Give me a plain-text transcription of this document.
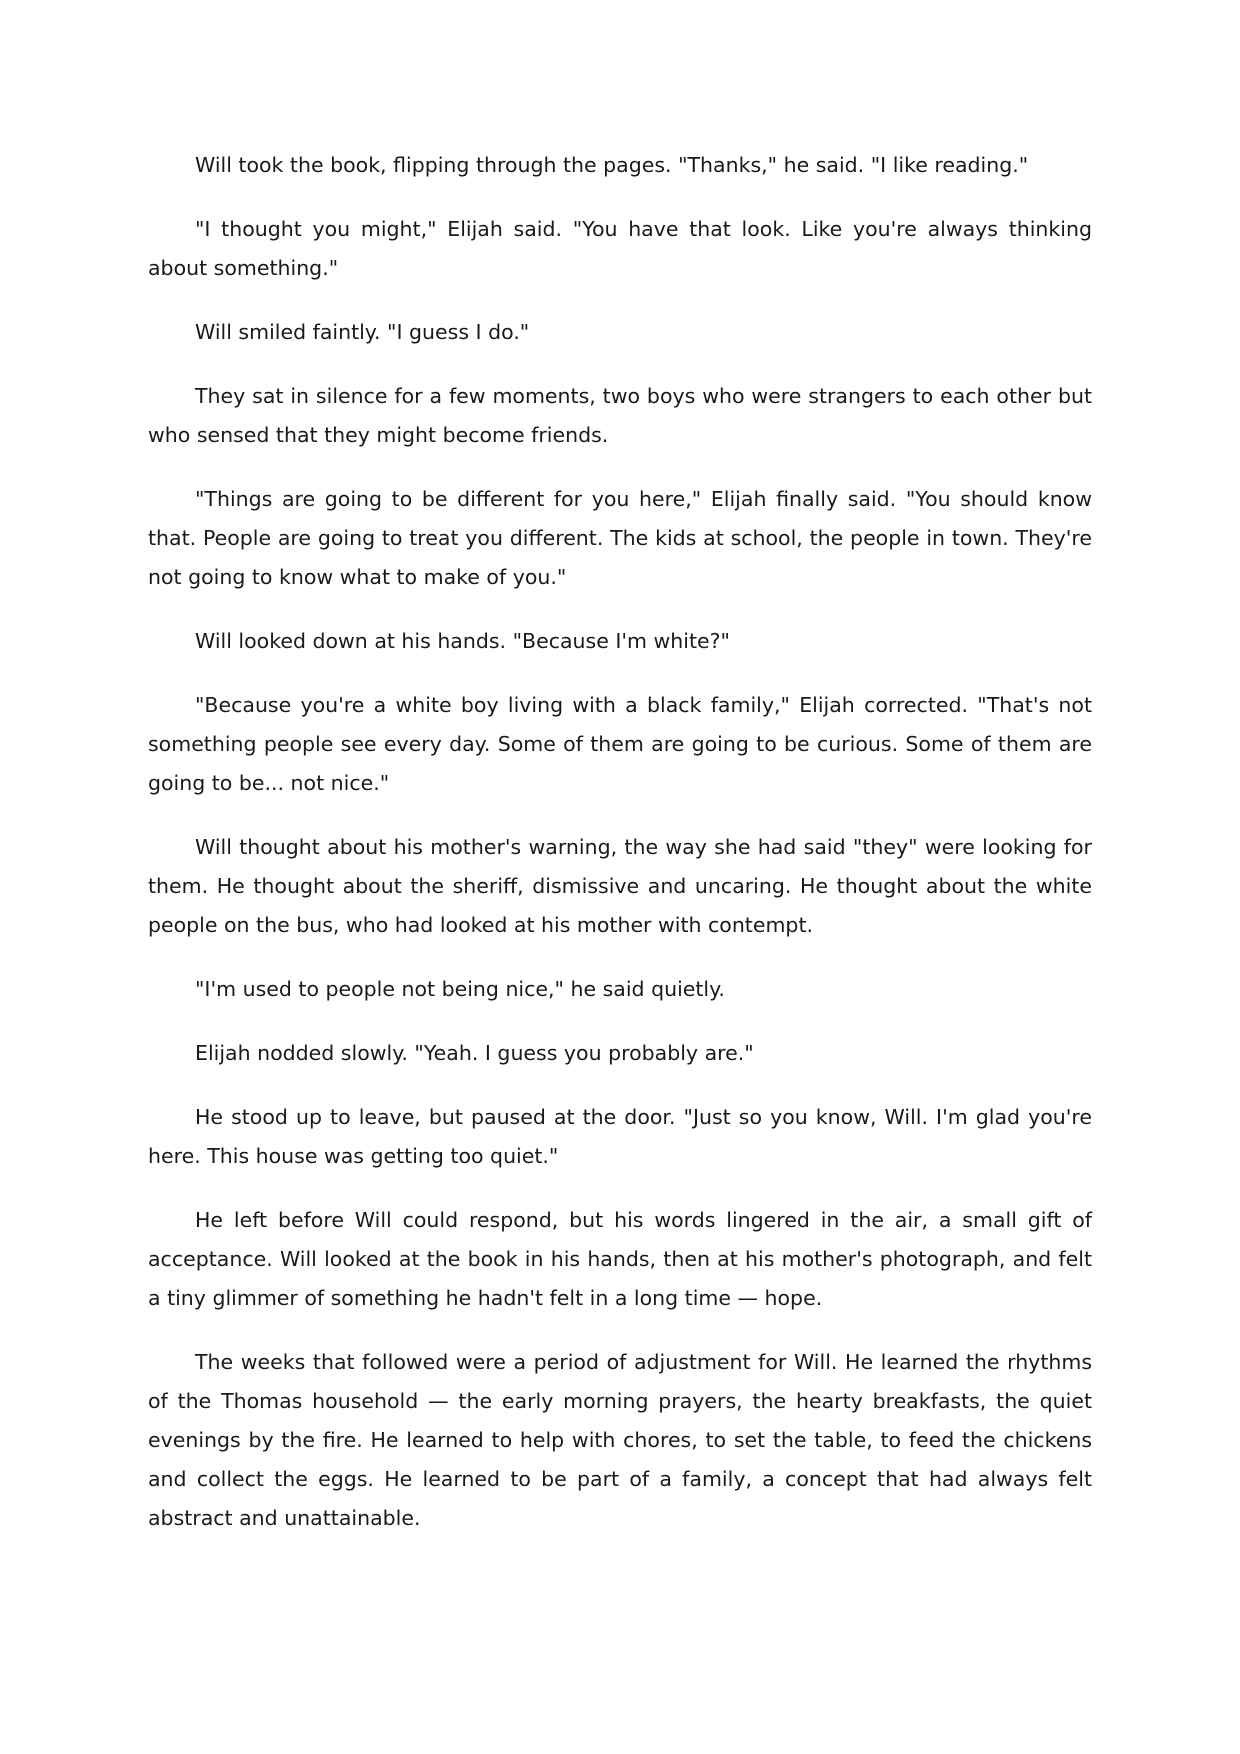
Will took the book, flipping through the pages. "Thanks," he said. "I like reading."

"I thought you might," Elijah said. "You have that look. Like you're always thinking about something."

Will smiled faintly. "I guess I do."

They sat in silence for a few moments, two boys who were strangers to each other but who sensed that they might become friends.

"Things are going to be different for you here," Elijah finally said. "You should know that. People are going to treat you different. The kids at school, the people in town. They're not going to know what to make of you."

Will looked down at his hands. "Because I'm white?"

"Because you're a white boy living with a black family," Elijah corrected. "That's not something people see every day. Some of them are going to be curious. Some of them are going to be... not nice."

Will thought about his mother's warning, the way she had said "they" were looking for them. He thought about the sheriff, dismissive and uncaring. He thought about the white people on the bus, who had looked at his mother with contempt.

"I'm used to people not being nice," he said quietly.

Elijah nodded slowly. "Yeah. I guess you probably are."

He stood up to leave, but paused at the door. "Just so you know, Will. I'm glad you're here. This house was getting too quiet."

He left before Will could respond, but his words lingered in the air, a small gift of acceptance. Will looked at the book in his hands, then at his mother's photograph, and felt a tiny glimmer of something he hadn't felt in a long time — hope.

The weeks that followed were a period of adjustment for Will. He learned the rhythms of the Thomas household — the early morning prayers, the hearty breakfasts, the quiet evenings by the fire. He learned to help with chores, to set the table, to feed the chickens and collect the eggs. He learned to be part of a family, a concept that had always felt abstract and unattainable.
